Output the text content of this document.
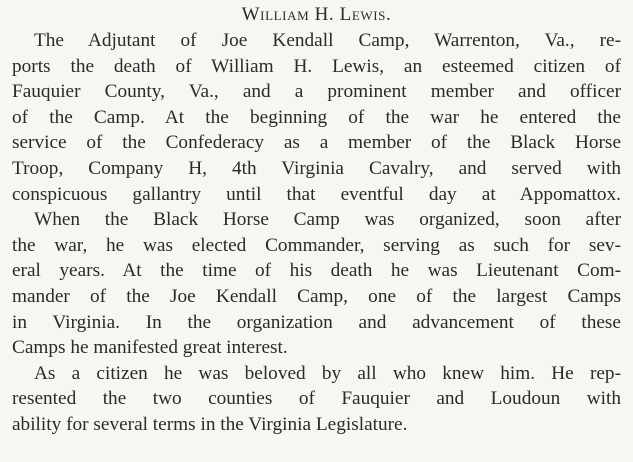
William H. Lewis.

The Adjutant of Joe Kendall Camp, Warrenton, Va., re-
ports the death of William H. Lewis, an esteemed citizen of
Fauquier County, Va., and a prominent member and officer
of the Camp. At the beginning of the war he entered the
service of the Confederacy as a member of the Black Horse
Troop, Company H, 4th Virginia Cavalry, and served with
conspicuous gallantry until that eventful day at Appomattox.

When the Black Horse Camp was organized, soon after
the war, he was elected Commander, serving as such for sev-
eral years. At the time of his death he was Lieutenant Com-
mander of the Joe Kendall Camp, one of the largest Camps
in Virginia. In the organization and advancement of these
Camps he manifested great interest.

As a citizen he was beloved by all who knew him. He rep-
resented the two counties of Fauquier and Loudoun with
ability for several terms in the Virginia Legislature.
